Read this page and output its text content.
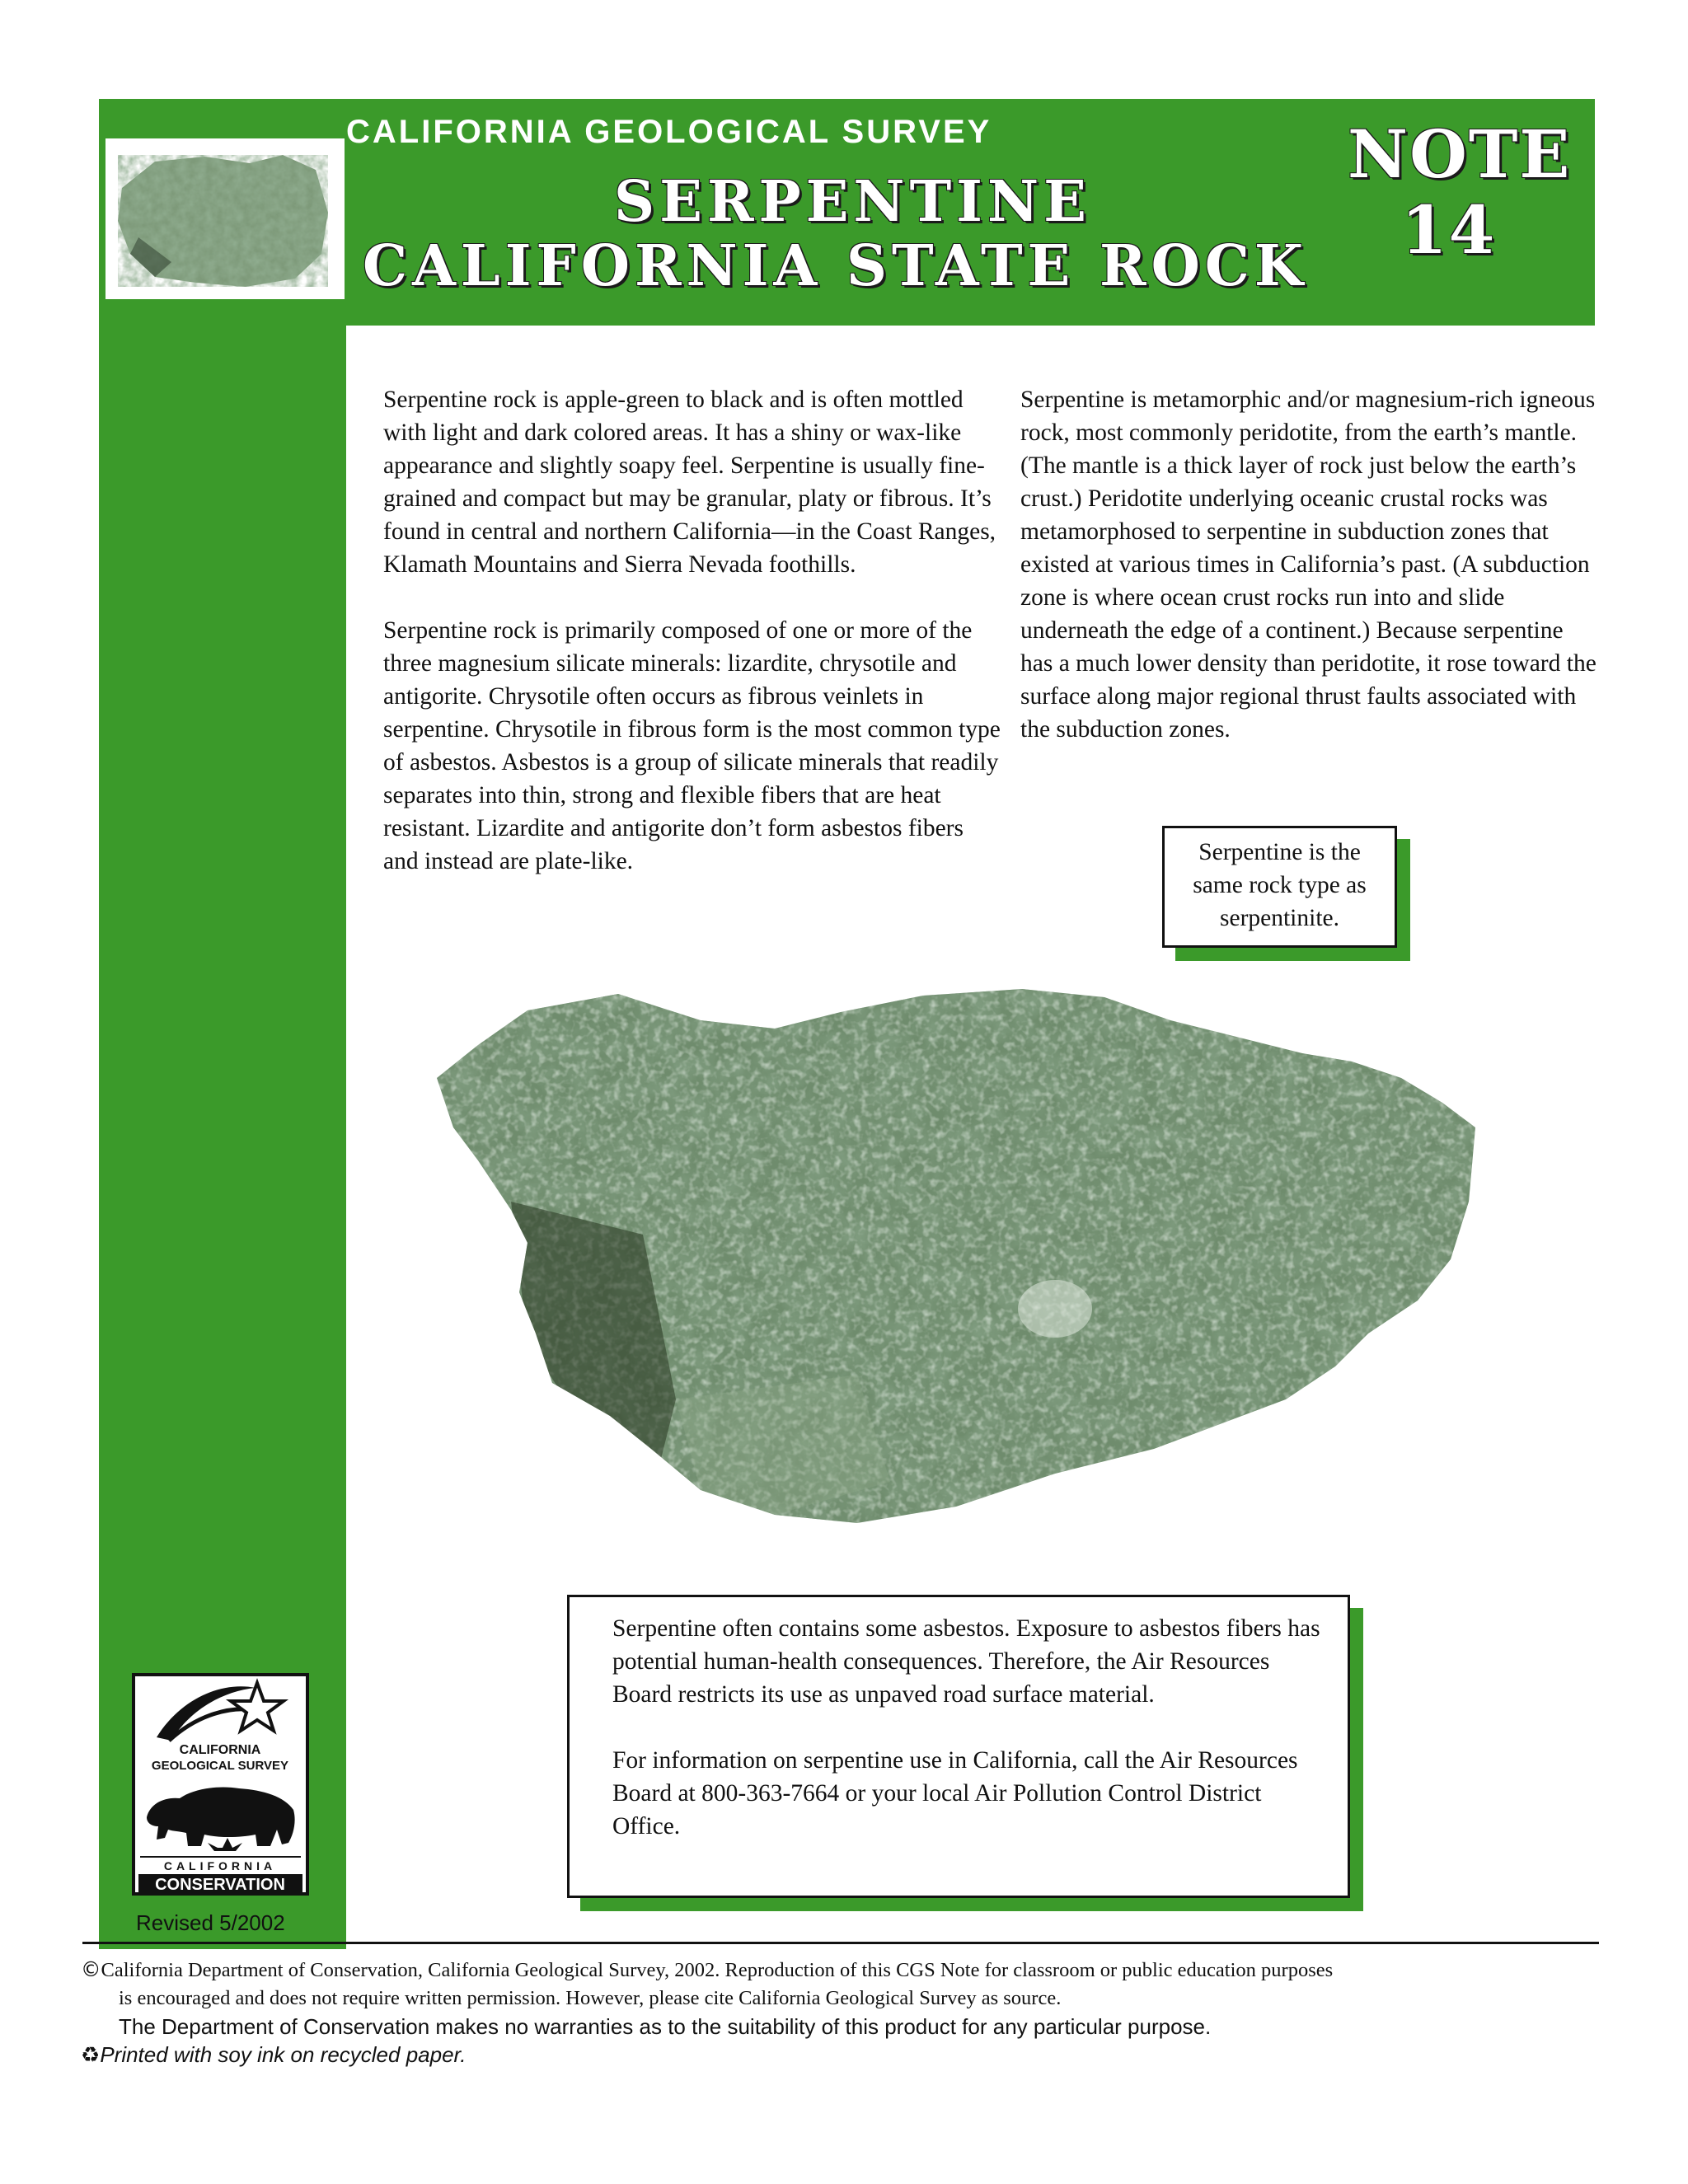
CALIFORNIA GEOLOGICAL SURVEY
SERPENTINE
CALIFORNIA STATE ROCK
NOTE
14

Serpentine rock is apple-green to black and is often mottled with light and dark colored areas. It has a shiny or wax-like appearance and slightly soapy feel. Serpentine is usually fine-grained and compact but may be granular, platy or fibrous. It’s found in central and northern California—in the Coast Ranges, Klamath Mountains and Sierra Nevada foothills.

Serpentine rock is primarily composed of one or more of the three magnesium silicate minerals: lizardite, chrysotile and antigorite. Chrysotile often occurs as fibrous veinlets in serpentine. Chrysotile in fibrous form is the most common type of asbestos. Asbestos is a group of silicate minerals that readily separates into thin, strong and flexible fibers that are heat resistant. Lizardite and antigorite don’t form asbestos fibers and instead are plate-like.

Serpentine is metamorphic and/or magnesium-rich igneous rock, most commonly peridotite, from the earth’s mantle. (The mantle is a thick layer of rock just below the earth’s crust.) Peridotite underlying oceanic crustal rocks was metamorphosed to serpentine in subduction zones that existed at various times in California’s past. (A subduction zone is where ocean crust rocks run into and slide underneath the edge of a continent.) Because serpentine has a much lower density than peridotite, it rose toward the surface along major regional thrust faults associated with the subduction zones.

Serpentine is the same rock type as serpentinite.

Serpentine often contains some asbestos. Exposure to asbestos fibers has potential human-health consequences. Therefore, the Air Resources Board restricts its use as unpaved road surface material.

For information on serpentine use in California, call the Air Resources Board at 800-363-7664 or your local Air Pollution Control District Office.

CALIFORNIA
GEOLOGICAL SURVEY
CALIFORNIA
CONSERVATION
Revised 5/2002
©California Department of Conservation, California Geological Survey, 2002. Reproduction of this CGS Note for classroom or public education purposes
is encouraged and does not require written permission. However, please cite California Geological Survey as source.
The Department of Conservation makes no warranties as to the suitability of this product for any particular purpose.
♻Printed with soy ink on recycled paper.
